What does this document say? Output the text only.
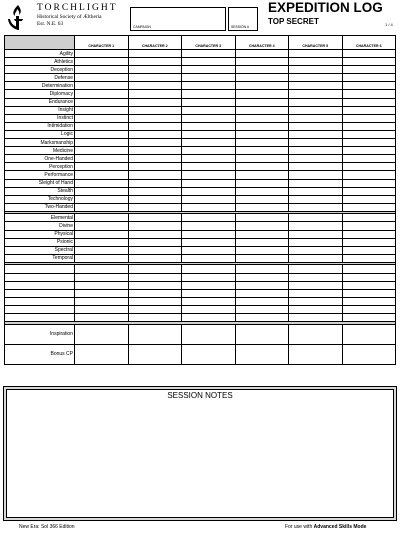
TORCHLIGHT
Historical Society of Æltheria
Est. N.E. 63	CAMPAIGN	SESSION #
EXPEDITION LOG
TOP SECRET	1 / 4
	CHARACTER 1	CHARACTER 2	CHARACTER 3	CHARACTER 4	CHARACTER 5	CHARACTER 6
Agility						
Athletics						
Deception						
Defense						
Determination						
Diplomacy						
Endurance						
Insight						
Instinct						
Intimidation						
Logic						
Marksmanship						
Medicine						
One-Handed						
Perception						
Performance						
Sleight of Hand						
Stealth						
Technology						
Two-Handed						

Elemental						
Divine						
Physical						
Psionic						
Spectral						
Temporal						

Inspiration						
Bonus CP						
SESSION NOTES
New Era: Sol 366 Edition	For use with Advanced Skills Mode
